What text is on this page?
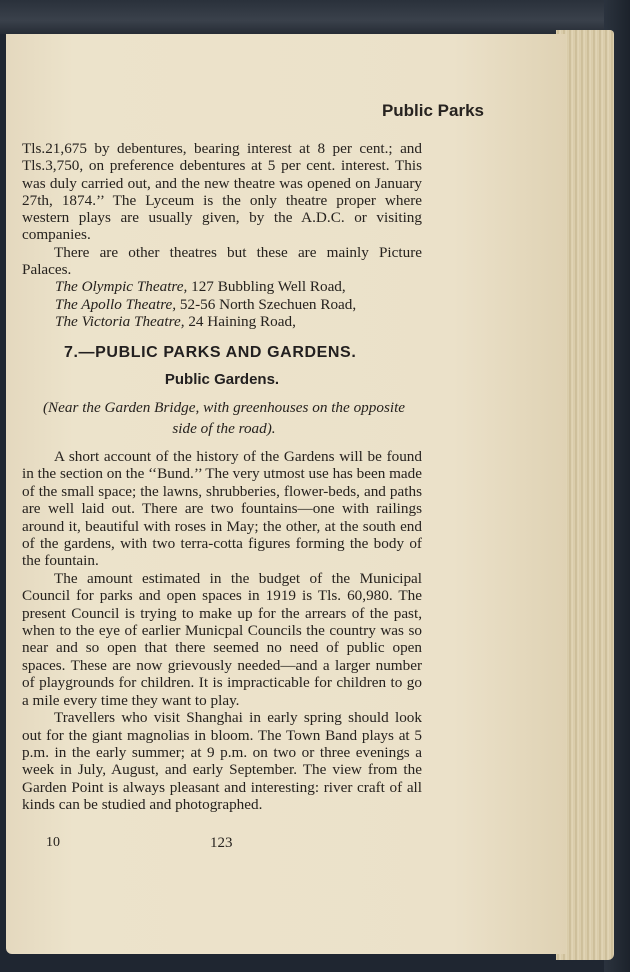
Public Parks

Tls.21,675 by debentures, bearing interest at 8 per cent.; and Tls.3,750, on preference debentures at 5 per cent. interest. This was duly carried out, and the new theatre was opened on January 27th, 1874.’’ The Lyceum is the only theatre proper where western plays are usually given, by the A.D.C. or visiting companies.

There are other theatres but these are mainly Picture Palaces.

The Olympic Theatre, 127 Bubbling Well Road,

The Apollo Theatre, 52-56 North Szechuen Road,

The Victoria Theatre, 24 Haining Road,

7.—PUBLIC PARKS AND GARDENS.
Public Gardens.

(Near the Garden Bridge, with greenhouses on the opposite side of the road).

A short account of the history of the Gardens will be found in the section on the ‘‘Bund.’’ The very utmost use has been made of the small space; the lawns, shrubberies, flower-beds, and paths are well laid out. There are two fountains—one with railings around it, beautiful with roses in May; the other, at the south end of the gardens, with two terra-cotta figures forming the body of the fountain.

The amount estimated in the budget of the Municipal Council for parks and open spaces in 1919 is Tls. 60,980. The present Council is trying to make up for the arrears of the past, when to the eye of earlier Municpal Councils the country was so near and so open that there seemed no need of public open spaces. These are now grievously needed—and a larger number of playgrounds for children. It is impracticable for children to go a mile every time they want to play.

Travellers who visit Shanghai in early spring should look out for the giant magnolias in bloom. The Town Band plays at 5 p.m. in the early summer; at 9 p.m. on two or three evenings a week in July, August, and early September. The view from the Garden Point is always pleasant and interesting: river craft of all kinds can be studied and photographed.

10	123
